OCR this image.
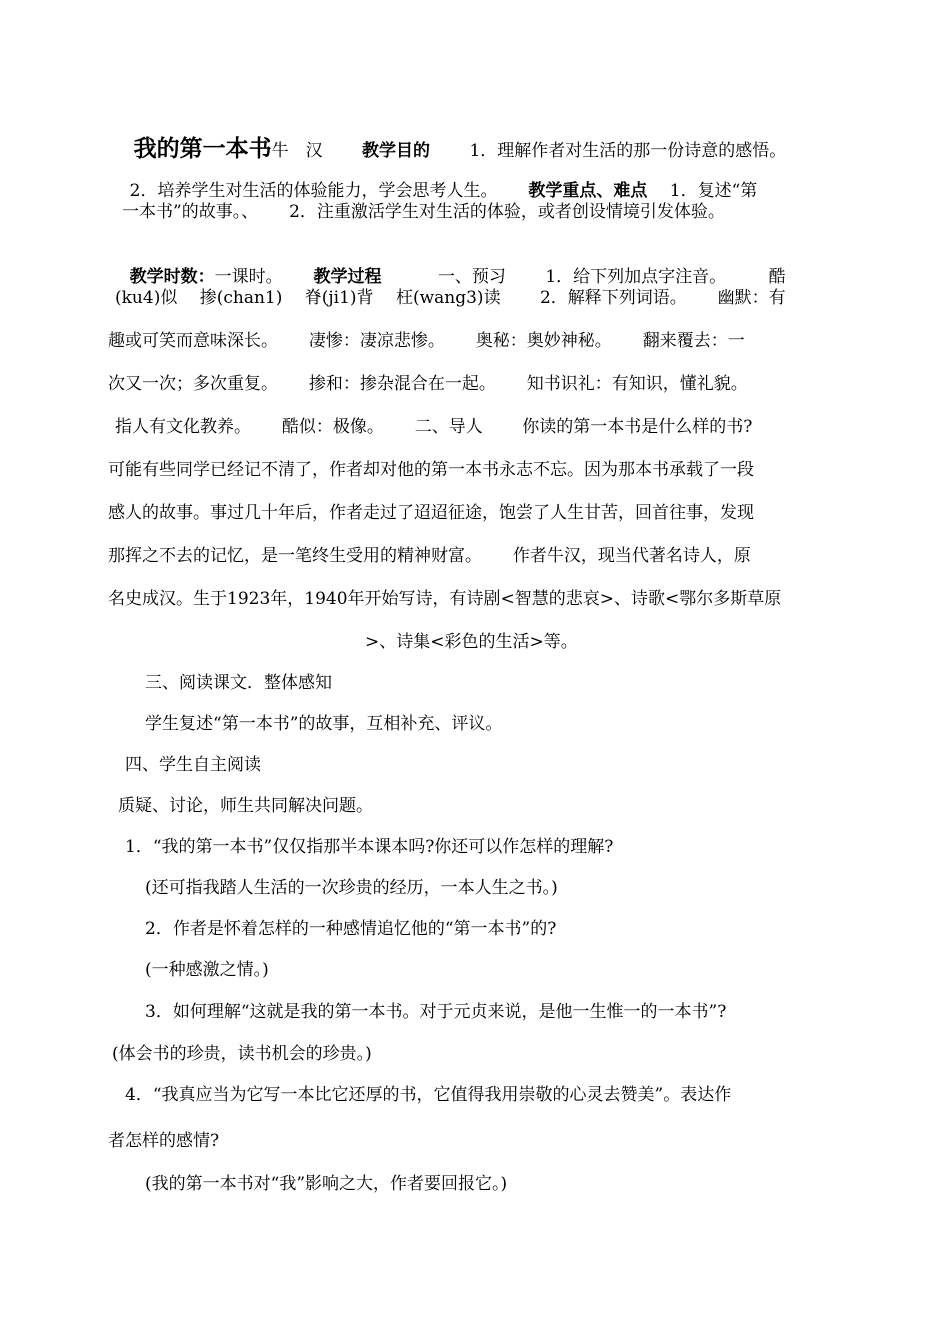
我的第一本书牛　汉　　 教学目的　　 1．理解作者对生活的那一份诗意的感悟。

2．培养学生对生活的体验能力，学会思考人生。　　 教学重点、难点　 1．复述“第

一本书”的故事。、　　 2．注重激活学生对生活的体验，或者创设情境引发体验。

教学时数：一课时。　　 教学过程　　　	一、预习　　 1．给下列加点字注音。　　　酷

(ku4)似　 掺(chan1)　 脊(ji1)背　 枉(wang3)读　　 2．解释下列词语。　　 幽默：有
趣或可笑而意味深长。　　 凄惨：凄凉悲惨。　　 奥秘：奥妙神秘。　　 翻来覆去：一
次又一次；多次重复。　　 掺和：掺杂混合在一起。　　 知书识礼：有知识，懂礼貌。
指人有文化教养。　　 酷似：极像。　　 二、导人　　 你读的第一本书是什么样的书?
可能有些同学已经记不清了，作者却对他的第一本书永志不忘。因为那本书承载了一段
感人的故事。事过几十年后，作者走过了迢迢征途，饱尝了人生甘苦，回首往事，发现
那挥之不去的记忆，是一笔终生受用的精神财富。　　 作者牛汉，现当代著名诗人，原
名史成汉。生于1923年，1940年开始写诗，有诗剧<智慧的悲哀>、诗歌<鄂尔多斯草原
>、诗集<彩色的生活>等。
三、阅读课文．整体感知
学生复述“第一本书”的故事，互相补充、评议。
四、学生自主阅读
质疑、讨论，师生共同解决问题。
1．“我的第一本书”仅仅指那半本课本吗?你还可以作怎样的理解?
(还可指我踏人生活的一次珍贵的经历，一本人生之书。)
2．作者是怀着怎样的一种感情追忆他的“第一本书”的?
(一种感激之情。)
3．如何理解“这就是我的第一本书。对于元贞来说，是他一生惟一的一本书”?
(体会书的珍贵，读书机会的珍贵。)
4．“我真应当为它写一本比它还厚的书，它值得我用崇敬的心灵去赞美”。表达作
者怎样的感情?
(我的第一本书对“我”影响之大，作者要回报它。)
